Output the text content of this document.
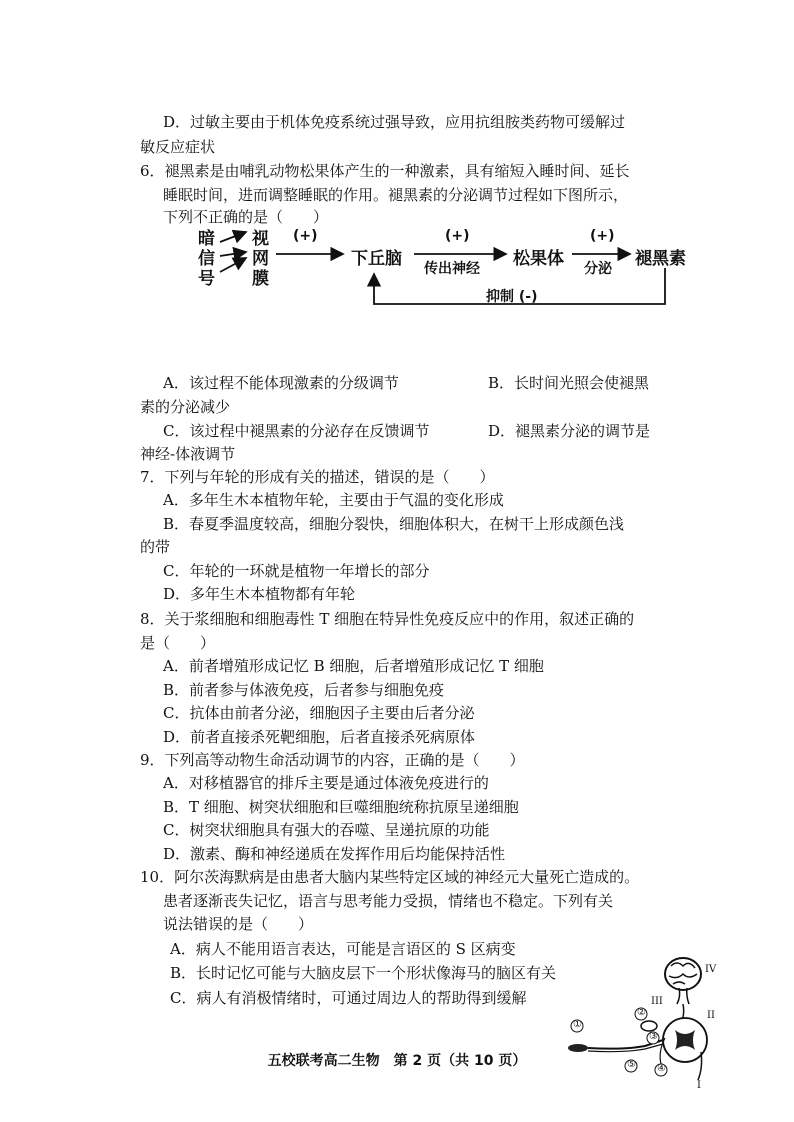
D．过敏主要由于机体免疫系统过强导致，应用抗组胺类药物可缓解过
敏反应症状
6．褪黑素是由哺乳动物松果体产生的一种激素，具有缩短入睡时间、延长
睡眠时间，进而调整睡眠的作用。褪黑素的分泌调节过程如下图所示，
下列不正确的是（　　）
暗
信
号
视
网
膜
(+)
下丘脑
(+)
传出神经 松果体
(+)
分泌 褪黑素
抑制 (-)
A．该过程不能体现激素的分级调节	B．长时间光照会使褪黑
素的分泌减少
C．该过程中褪黑素的分泌存在反馈调节	D．褪黑素分泌的调节是
神经-体液调节
7．下列与年轮的形成有关的描述，错误的是（　　）
A．多年生木本植物年轮，主要由于气温的变化形成
B．春夏季温度较高，细胞分裂快，细胞体积大，在树干上形成颜色浅
的带
C．年轮的一环就是植物一年增长的部分
D．多年生木本植物都有年轮
8．关于浆细胞和细胞毒性 T 细胞在特异性免疫反应中的作用，叙述正确的
是（　　）
A．前者增殖形成记忆 B 细胞，后者增殖形成记忆 T 细胞
B．前者参与体液免疫，后者参与细胞免疫
C．抗体由前者分泌，细胞因子主要由后者分泌
D．前者直接杀死靶细胞，后者直接杀死病原体
9．下列高等动物生命活动调节的内容，正确的是（　　）
A．对移植器官的排斥主要是通过体液免疫进行的
B．T 细胞、树突状细胞和巨噬细胞统称抗原呈递细胞
C．树突状细胞具有强大的吞噬、呈递抗原的功能
D．激素、酶和神经递质在发挥作用后均能保持活性
10．阿尔茨海默病是由患者大脑内某些特定区域的神经元大量死亡造成的。
患者逐渐丧失记忆，语言与思考能力受损，情绪也不稳定。下列有关
说法错误的是（　　）
A．病人不能用语言表达，可能是言语区的 S 区病变
B．长时记忆可能与大脑皮层下一个形状像海马的脑区有关
C．病人有消极情绪时，可通过周边人的帮助得到缓解
①
②
③
④
⑤
IV
III
II
I
五校联考高二生物　第 2 页（共 10 页）
